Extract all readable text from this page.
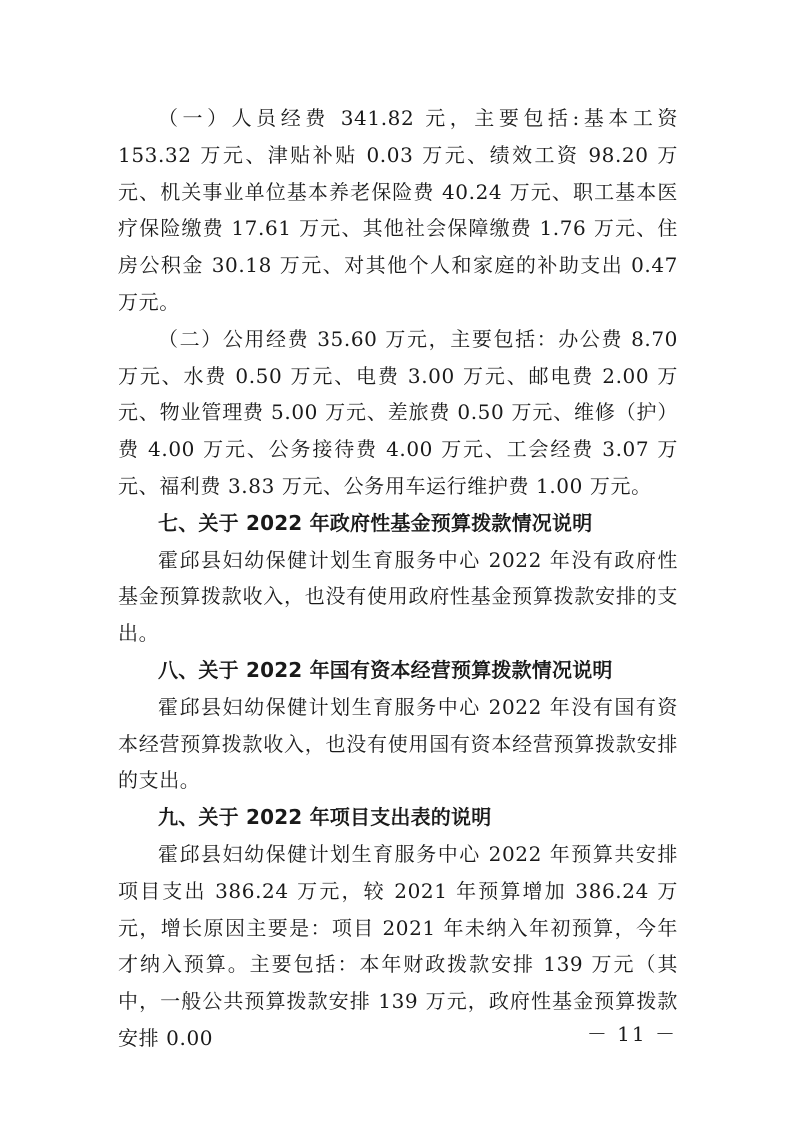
（一）人员经费 341.82 元，主要包括:基本工资 153.32 万元、津贴补贴 0.03 万元、绩效工资 98.20 万元、机关事业单位基本养老保险费 40.24 万元、职工基本医疗保险缴费 17.61 万元、其他社会保障缴费 1.76 万元、住房公积金 30.18 万元、对其他个人和家庭的补助支出 0.47 万元。

（二）公用经费 35.60 万元，主要包括：办公费 8.70 万元、水费 0.50 万元、电费 3.00 万元、邮电费 2.00 万元、物业管理费 5.00 万元、差旅费 0.50 万元、维修（护）费 4.00 万元、公务接待费 4.00 万元、工会经费 3.07 万元、福利费 3.83 万元、公务用车运行维护费 1.00 万元。

七、关于 2022 年政府性基金预算拨款情况说明

霍邱县妇幼保健计划生育服务中心 2022 年没有政府性基金预算拨款收入，也没有使用政府性基金预算拨款安排的支出。

八、关于 2022 年国有资本经营预算拨款情况说明

霍邱县妇幼保健计划生育服务中心 2022 年没有国有资本经营预算拨款收入，也没有使用国有资本经营预算拨款安排的支出。

九、关于 2022 年项目支出表的说明

霍邱县妇幼保健计划生育服务中心 2022 年预算共安排项目支出 386.24 万元，较 2021 年预算增加 386.24 万元，增长原因主要是：项目 2021 年未纳入年初预算，今年才纳入预算。主要包括：本年财政拨款安排 139 万元（其中，一般公共预算拨款安排 139 万元，政府性基金预算拨款安排 0.00	－ 11 －
